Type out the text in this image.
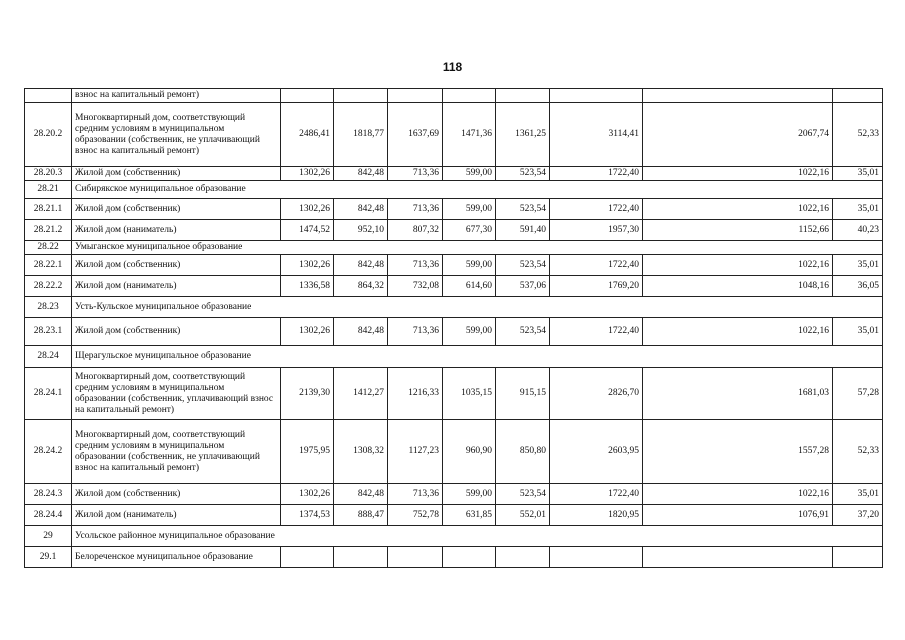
118
	взнос на капитальный ремонт)								
28.20.2	Многоквартирный дом, соответствующий средним условиям в муниципальном образовании (собственник, не уплачивающий взнос на капитальный ремонт)	2486,41	1818,77	1637,69	1471,36	1361,25	3114,41	2067,74	52,33
28.20.3	Жилой дом (собственник)	1302,26	842,48	713,36	599,00	523,54	1722,40	1022,16	35,01
28.21	Сибирякское муниципальное образование								
28.21.1	Жилой дом (собственник)	1302,26	842,48	713,36	599,00	523,54	1722,40	1022,16	35,01
28.21.2	Жилой дом (наниматель)	1474,52	952,10	807,32	677,30	591,40	1957,30	1152,66	40,23
28.22	Умыганское муниципальное образование								
28.22.1	Жилой дом (собственник)	1302,26	842,48	713,36	599,00	523,54	1722,40	1022,16	35,01
28.22.2	Жилой дом (наниматель)	1336,58	864,32	732,08	614,60	537,06	1769,20	1048,16	36,05
28.23	Усть-Кульское муниципальное образование								
28.23.1	Жилой дом (собственник)	1302,26	842,48	713,36	599,00	523,54	1722,40	1022,16	35,01
28.24	Щерагульское муниципальное образование								
28.24.1	Многоквартирный дом, соответствующий средним условиям в муниципальном образовании (собственник, уплачивающий взнос на капитальный ремонт)	2139,30	1412,27	1216,33	1035,15	915,15	2826,70	1681,03	57,28
28.24.2	Многоквартирный дом, соответствующий средним условиям в муниципальном образовании (собственник, не уплачивающий взнос на капитальный ремонт)	1975,95	1308,32	1127,23	960,90	850,80	2603,95	1557,28	52,33
28.24.3	Жилой дом (собственник)	1302,26	842,48	713,36	599,00	523,54	1722,40	1022,16	35,01
28.24.4	Жилой дом (наниматель)	1374,53	888,47	752,78	631,85	552,01	1820,95	1076,91	37,20
29	Усольское районное муниципальное образование								
29.1	Белореченское муниципальное образование								
